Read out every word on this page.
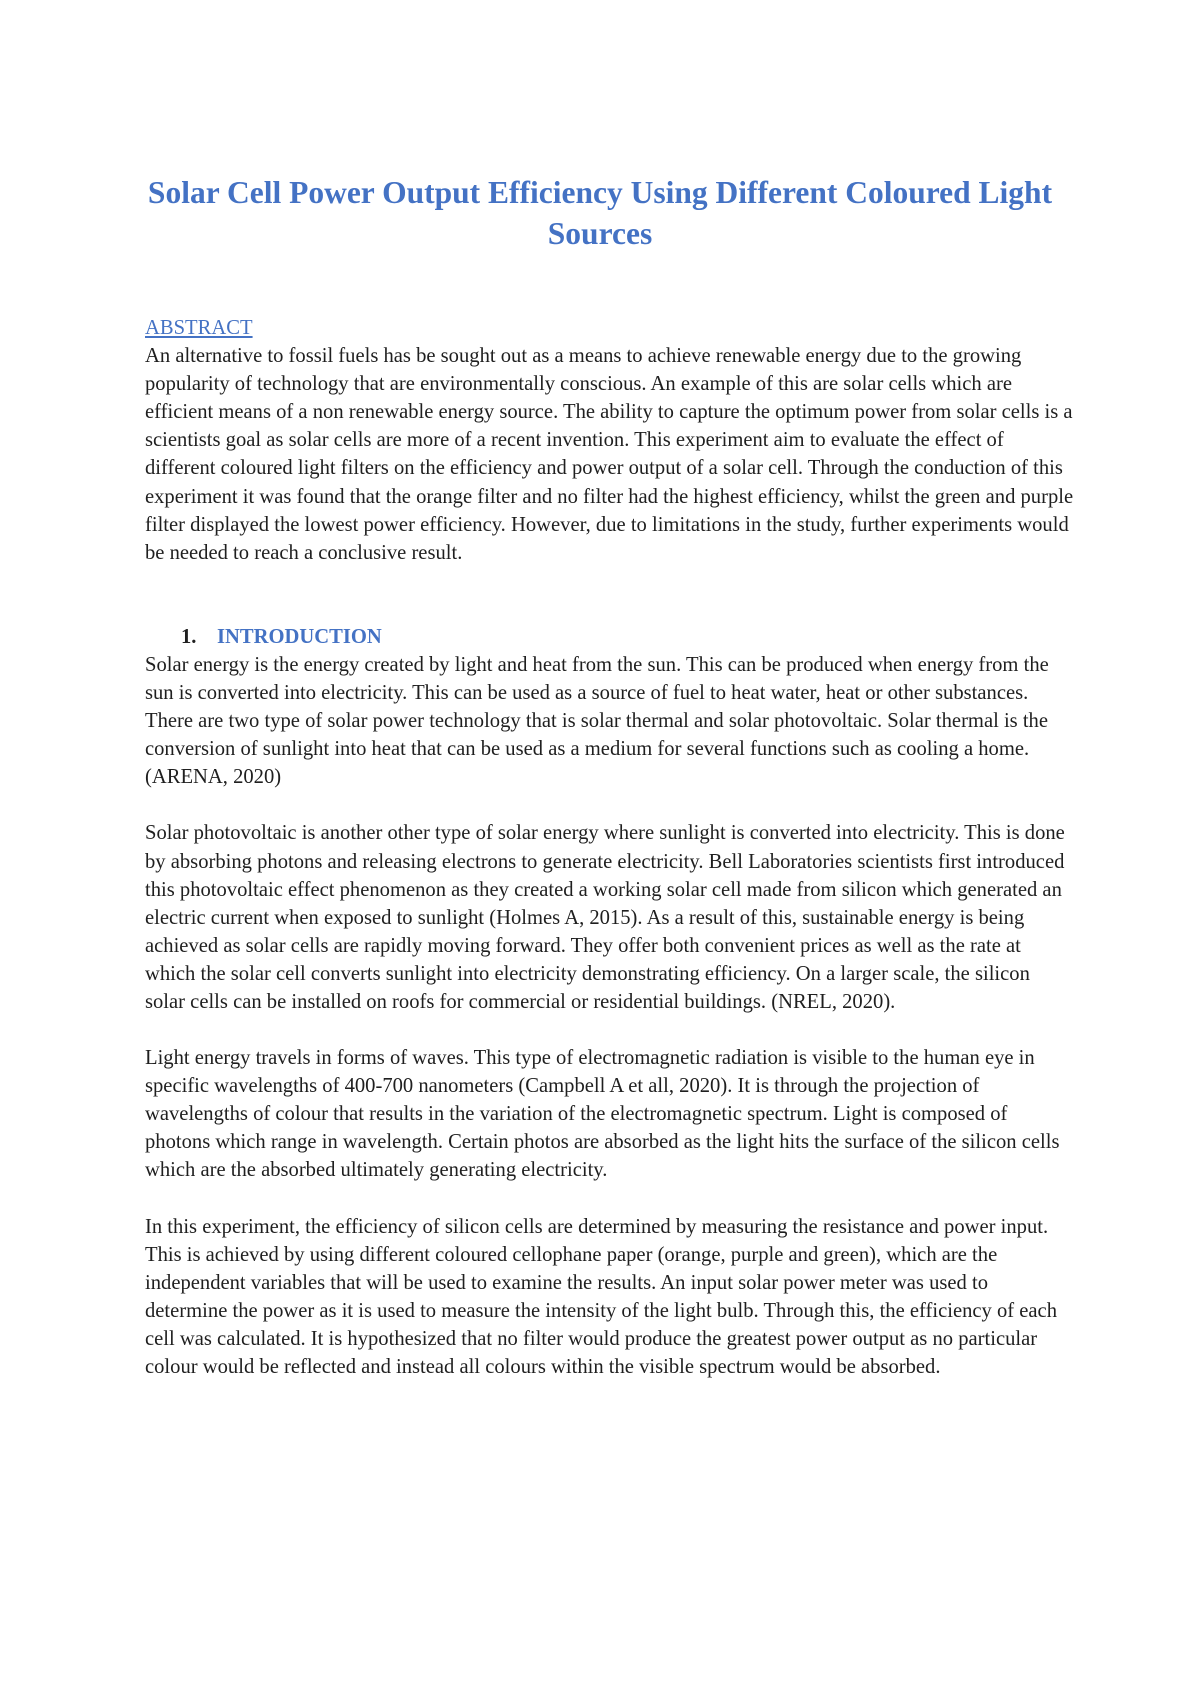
Solar Cell Power Output Efficiency Using Different Coloured Light Sources
ABSTRACT

An alternative to fossil fuels has be sought out as a means to achieve renewable energy due to the growing popularity of technology that are environmentally conscious. An example of this are solar cells which are efficient means of a non renewable energy source. The ability to capture the optimum power from solar cells is a scientists goal as solar cells are more of a recent invention. This experiment aim to evaluate the effect of different coloured light filters on the efficiency and power output of a solar cell. Through the conduction of this experiment it was found that the orange filter and no filter had the highest efficiency, whilst the green and purple filter displayed the lowest power efficiency. However, due to limitations in the study, further experiments would be needed to reach a conclusive result.

1. INTRODUCTION

Solar energy is the energy created by light and heat from the sun. This can be produced when energy from the sun is converted into electricity. This can be used as a source of fuel to heat water, heat or other substances. There are two type of solar power technology that is solar thermal and solar photovoltaic. Solar thermal is the conversion of sunlight into heat that can be used as a medium for several functions such as cooling a home. (ARENA, 2020)

Solar photovoltaic is another other type of solar energy where sunlight is converted into electricity. This is done by absorbing photons and releasing electrons to generate electricity. Bell Laboratories scientists first introduced this photovoltaic effect phenomenon as they created a working solar cell made from silicon which generated an electric current when exposed to sunlight (Holmes A, 2015). As a result of this, sustainable energy is being achieved as solar cells are rapidly moving forward. They offer both convenient prices as well as the rate at which the solar cell converts sunlight into electricity demonstrating efficiency. On a larger scale, the silicon solar cells can be installed on roofs for commercial or residential buildings. (NREL, 2020).

Light energy travels in forms of waves. This type of electromagnetic radiation is visible to the human eye in specific wavelengths of 400-700 nanometers (Campbell A et all, 2020). It is through the projection of wavelengths of colour that results in the variation of the electromagnetic spectrum. Light is composed of photons which range in wavelength. Certain photos are absorbed as the light hits the surface of the silicon cells which are the absorbed ultimately generating electricity.

In this experiment, the efficiency of silicon cells are determined by measuring the resistance and power input. This is achieved by using different coloured cellophane paper (orange, purple and green), which are the independent variables that will be used to examine the results. An input solar power meter was used to determine the power as it is used to measure the intensity of the light bulb. Through this, the efficiency of each cell was calculated. It is hypothesized that no filter would produce the greatest power output as no particular colour would be reflected and instead all colours within the visible spectrum would be absorbed.
